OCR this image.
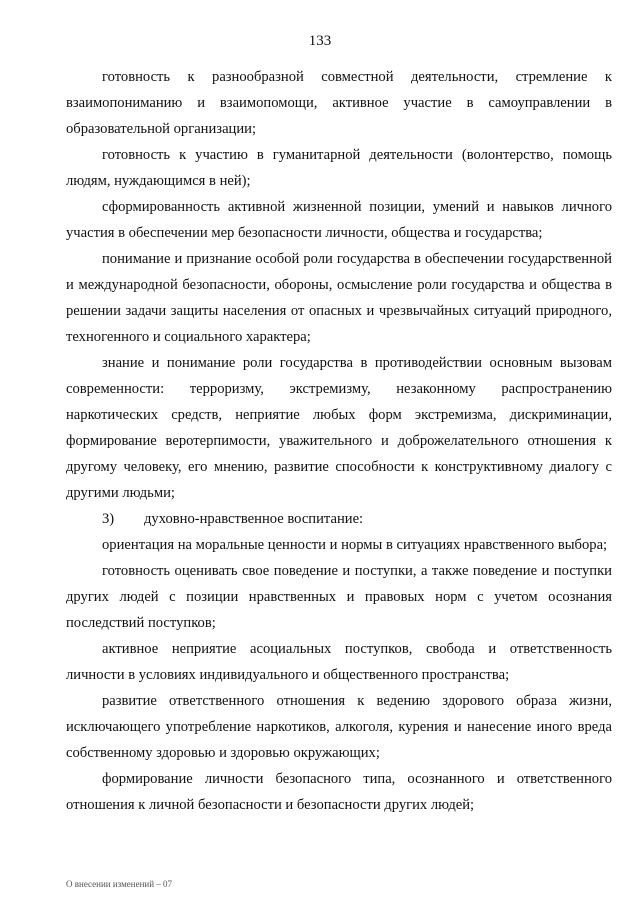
133

готовность к разнообразной совместной деятельности, стремление к взаимопониманию и взаимопомощи, активное участие в самоуправлении в образовательной организации;

готовность к участию в гуманитарной деятельности (волонтерство, помощь людям, нуждающимся в ней);

сформированность активной жизненной позиции, умений и навыков личного участия в обеспечении мер безопасности личности, общества и государства;

понимание и признание особой роли государства в обеспечении государственной и международной безопасности, обороны, осмысление роли государства и общества в решении задачи защиты населения от опасных и чрезвычайных ситуаций природного, техногенного и социального характера;

знание и понимание роли государства в противодействии основным вызовам современности: терроризму, экстремизму, незаконному распространению наркотических средств, неприятие любых форм экстремизма, дискриминации, формирование веротерпимости, уважительного и доброжелательного отношения к другому человеку, его мнению, развитие способности к конструктивному диалогу с другими людьми;

3) духовно-нравственное воспитание:

ориентация на моральные ценности и нормы в ситуациях нравственного выбора;

готовность оценивать свое поведение и поступки, а также поведение и поступки других людей с позиции нравственных и правовых норм с учетом осознания последствий поступков;

активное неприятие асоциальных поступков, свобода и ответственность личности в условиях индивидуального и общественного пространства;

развитие ответственного отношения к ведению здорового образа жизни, исключающего употребление наркотиков, алкоголя, курения и нанесение иного вреда собственному здоровью и здоровью окружающих;

формирование личности безопасного типа, осознанного и ответственного отношения к личной безопасности и безопасности других людей;

О внесении изменений – 07
